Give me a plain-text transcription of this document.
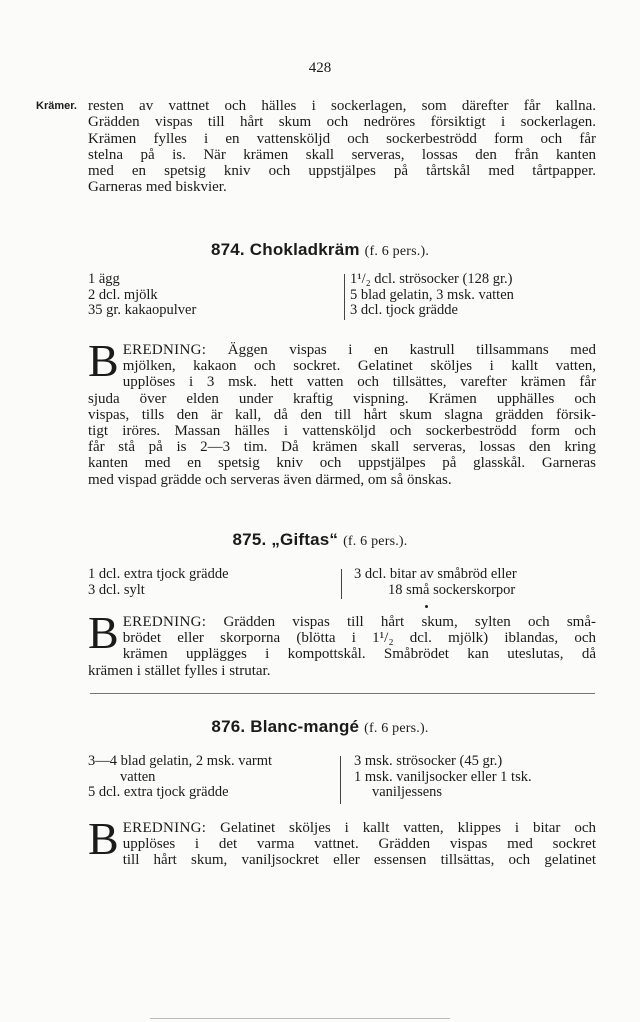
428
Krämer. resten av vattnet och hälles i sockerlagen, som därefter får kallna.
Grädden vispas till hårt skum och nedröres försiktigt i sockerlagen.
Krämen fylles i en vattensköljd och sockerbeströdd form och får
stelna på is. När krämen skall serveras, lossas den från kanten
med en spetsig kniv och uppstjälpes på tårtskål med tårtpapper.
Garneras med biskvier.
874. Chokladkräm (f. 6 pers.).
1 ägg
2 dcl. mjölk
35 gr. kakaopulver
1¹/₂ dcl. strösocker (128 gr.)
5 blad gelatin, 3 msk. vatten
3 dcl. tjock grädde
B EREDNING: Äggen vispas i en kastrull tillsammans med
mjölken, kakaon och sockret. Gelatinet sköljes i kallt vatten,
upplöses i 3 msk. hett vatten och tillsättes, varefter krämen får
sjuda över elden under kraftig vispning. Krämen upphälles och
vispas, tills den är kall, då den till hårt skum slagna grädden försik-
tigt iröres. Massan hälles i vattensköljd och sockerbeströdd form och
får stå på is 2—3 tim. Då krämen skall serveras, lossas den kring
kanten med en spetsig kniv och uppstjälpes på glasskål. Garneras
med vispad grädde och serveras även därmed, om så önskas.
875. „Giftas“ (f. 6 pers.).
1 dcl. extra tjock grädde
3 dcl. sylt
3 dcl. bitar av småbröd eller
18 små sockerskorpor
B EREDNING: Grädden vispas till hårt skum, sylten och små-
brödet eller skorporna (blötta i 1¹/₂ dcl. mjölk) iblandas, och
krämen upplägges i kompottskål. Småbrödet kan uteslutas, då
krämen i stället fylles i strutar.
876. Blanc-mangé (f. 6 pers.).
3—4 blad gelatin, 2 msk. varmt
vatten
5 dcl. extra tjock grädde
3 msk. strösocker (45 gr.)
1 msk. vaniljsocker eller 1 tsk.
vaniljessens
B EREDNING: Gelatinet sköljes i kallt vatten, klippes i bitar och
upplöses i det varma vattnet. Grädden vispas med sockret
till hårt skum, vaniljsockret eller essensen tillsättas, och gelatinet
